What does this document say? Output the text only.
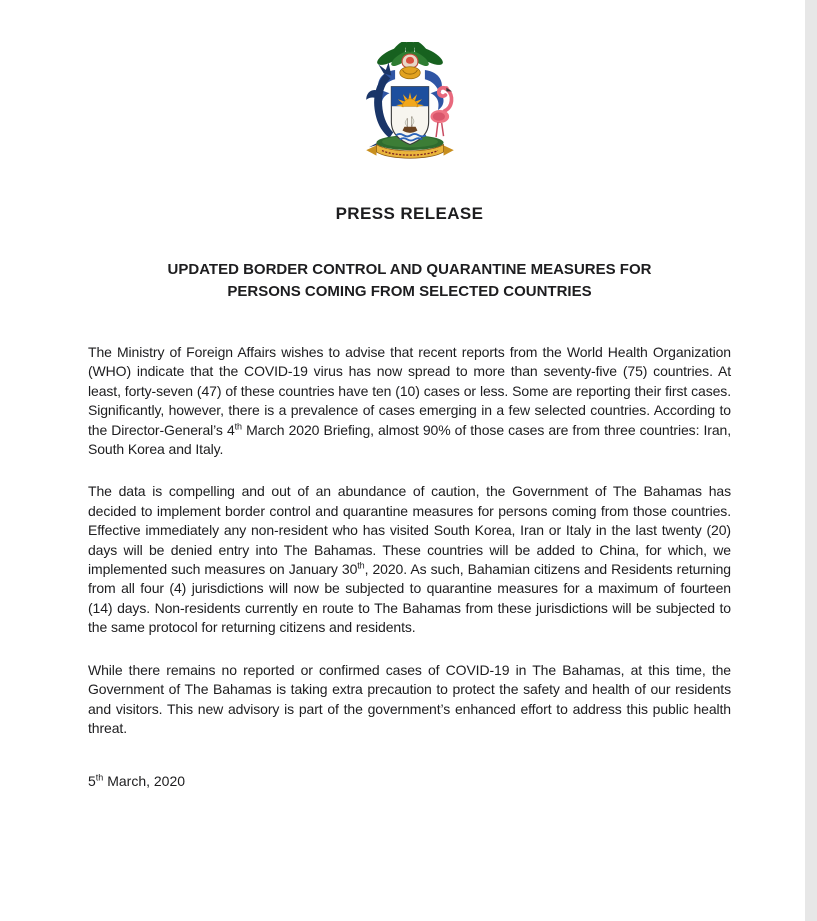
PRESS RELEASE
UPDATED BORDER CONTROL AND QUARANTINE MEASURES FOR
PERSONS COMING FROM SELECTED COUNTRIES

The Ministry of Foreign Affairs wishes to advise that recent reports from the World Health Organization (WHO) indicate that the COVID-19 virus has now spread to more than seventy-five (75) countries. At least, forty-seven (47) of these countries have ten (10) cases or less. Some are reporting their first cases. Significantly, however, there is a prevalence of cases emerging in a few selected countries. According to the Director-General’s 4th March 2020 Briefing, almost 90% of those cases are from three countries: Iran, South Korea and Italy.

The data is compelling and out of an abundance of caution, the Government of The Bahamas has decided to implement border control and quarantine measures for persons coming from those countries. Effective immediately any non-resident who has visited South Korea, Iran or Italy in the last twenty (20) days will be denied entry into The Bahamas. These countries will be added to China, for which, we implemented such measures on January 30th, 2020. As such, Bahamian citizens and Residents returning from all four (4) jurisdictions will now be subjected to quarantine measures for a maximum of fourteen (14) days. Non-residents currently en route to The Bahamas from these jurisdictions will be subjected to the same protocol for returning citizens and residents.

While there remains no reported or confirmed cases of COVID-19 in The Bahamas, at this time, the Government of The Bahamas is taking extra precaution to protect the safety and health of our residents and visitors. This new advisory is part of the government’s enhanced effort to address this public health threat.

5th March, 2020
